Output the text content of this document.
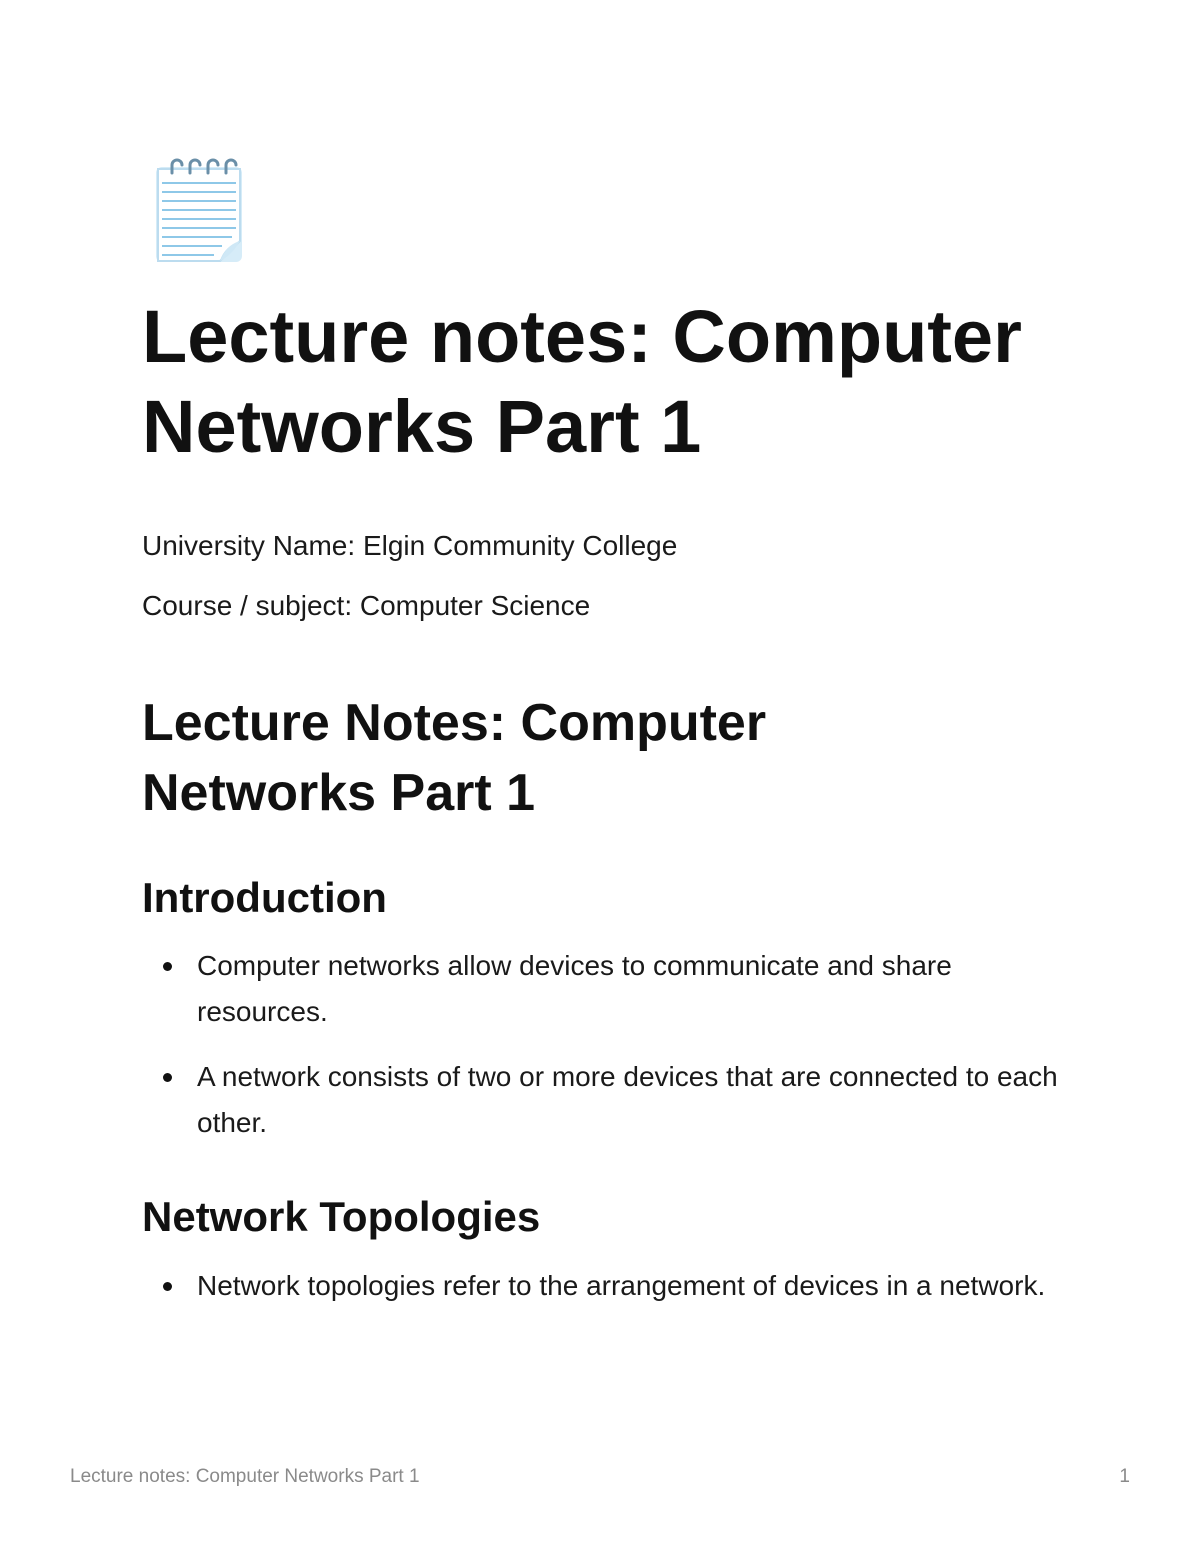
Lecture notes: Computer Networks Part 1

University Name: Elgin Community College

Course / subject: Computer Science

Lecture Notes: Computer Networks Part 1
Introduction
Computer networks allow devices to communicate and share resources.
A network consists of two or more devices that are connected to each other.
Network Topologies
Network topologies refer to the arrangement of devices in a network.
Lecture notes: Computer Networks Part 1	1
